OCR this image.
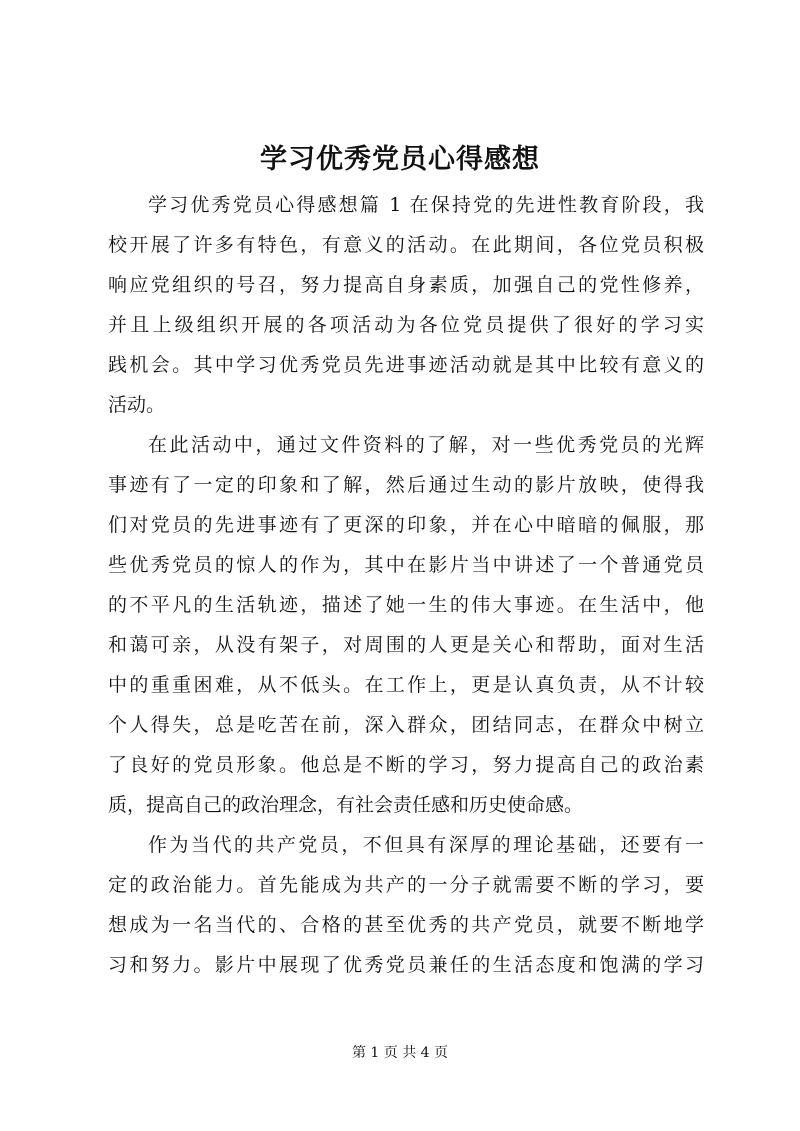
学习优秀党员心得感想
学习优秀党员心得感想篇 1 在保持党的先进性教育阶段，我
校开展了许多有特色，有意义的活动。在此期间，各位党员积极
响应党组织的号召，努力提高自身素质，加强自己的党性修养，
并且上级组织开展的各项活动为各位党员提供了很好的学习实
践机会。其中学习优秀党员先进事迹活动就是其中比较有意义的
活动。
在此活动中，通过文件资料的了解，对一些优秀党员的光辉
事迹有了一定的印象和了解，然后通过生动的影片放映，使得我
们对党员的先进事迹有了更深的印象，并在心中暗暗的佩服，那
些优秀党员的惊人的作为，其中在影片当中讲述了一个普通党员
的不平凡的生活轨迹，描述了她一生的伟大事迹。在生活中，他
和蔼可亲，从没有架子，对周围的人更是关心和帮助，面对生活
中的重重困难，从不低头。在工作上，更是认真负责，从不计较
个人得失，总是吃苦在前，深入群众，团结同志，在群众中树立
了良好的党员形象。他总是不断的学习，努力提高自己的政治素
质，提高自己的政治理念，有社会责任感和历史使命感。
作为当代的共产党员，不但具有深厚的理论基础，还要有一
定的政治能力。首先能成为共产的一分子就需要不断的学习，要
想成为一名当代的、合格的甚至优秀的共产党员，就要不断地学
习和努力。影片中展现了优秀党员兼任的生活态度和饱满的学习
第 1 页 共 4 页
